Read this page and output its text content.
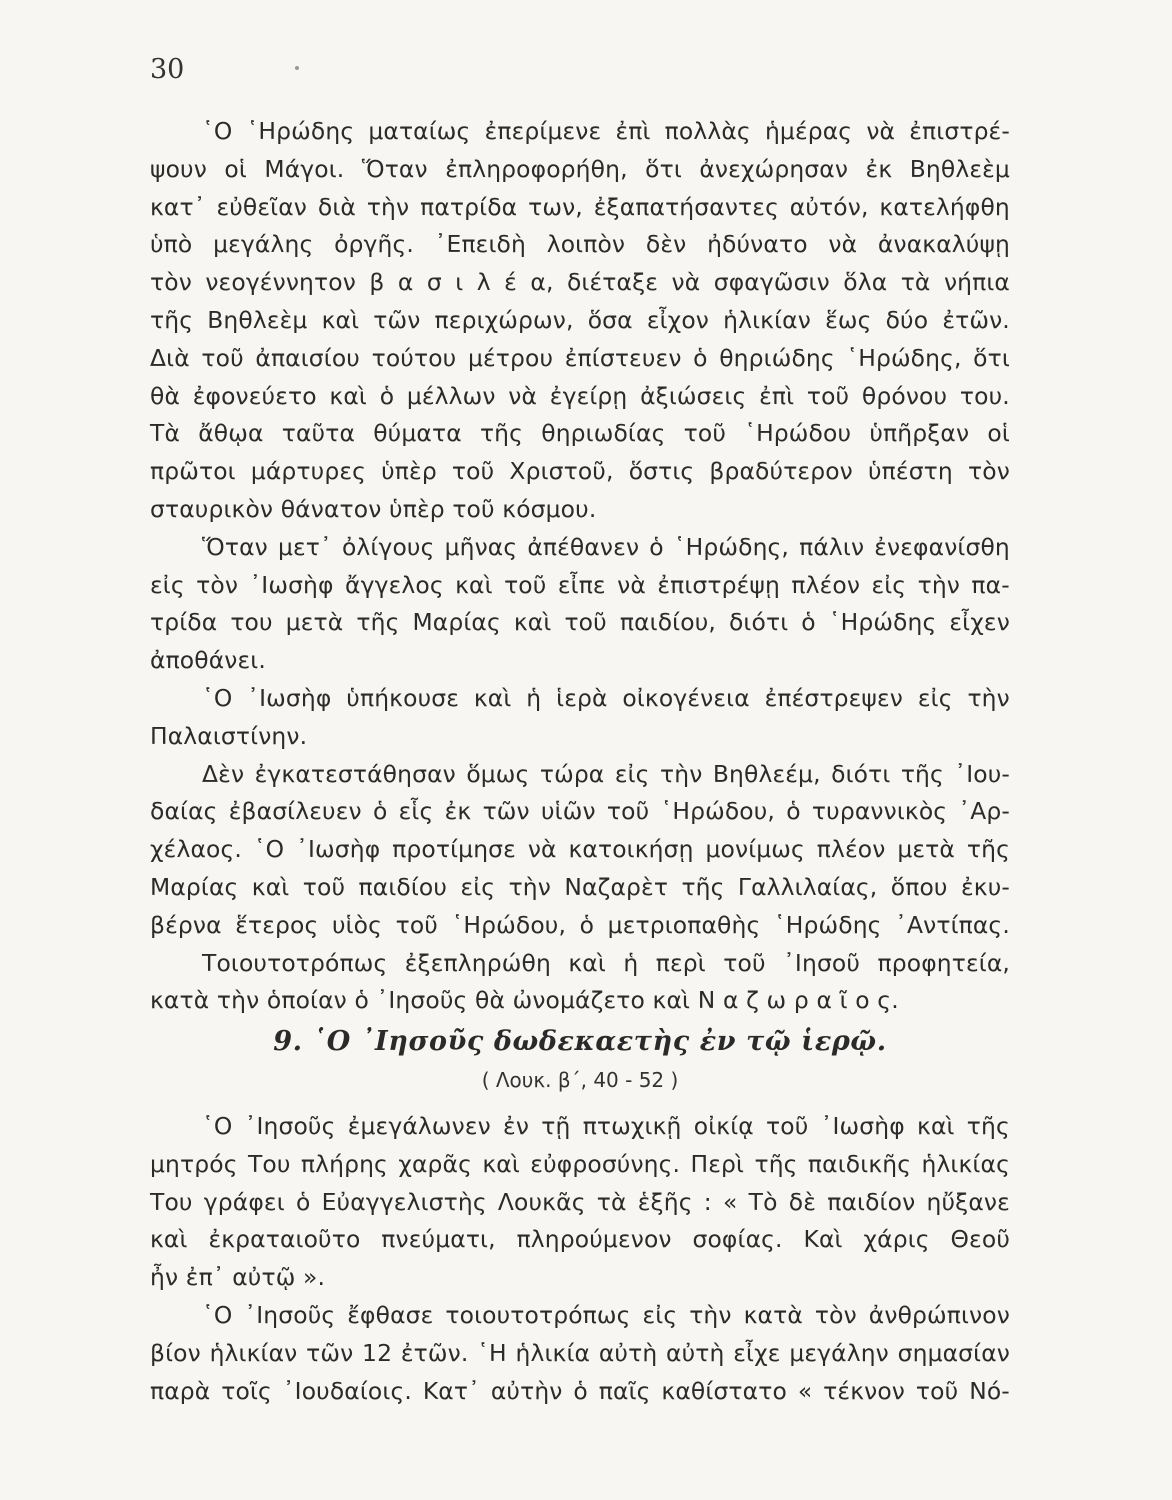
30
῾Ο ῾Ηρώδης ματαίως ἐπερίμενε ἐπὶ πολλὰς ἡμέρας νὰ ἐπιστρέ-
ψουν οἱ Μάγοι. Ὅταν ἐπληροφορήθη, ὅτι ἀνεχώρησαν ἐκ Βηθλεὲμ
κατ᾽ εὐθεῖαν διὰ τὴν πατρίδα των, ἐξαπατήσαντες αὐτόν, κατελήφθη
ὑπὸ μεγάλης ὀργῆς. ᾽Επειδὴ λοιπὸν δὲν ἠδύνατο νὰ ἀνακαλύψῃ
τὸν νεογέννητον β α σ ι λ έ α, διέταξε νὰ σφαγῶσιν ὅλα τὰ νήπια
τῆς Βηθλεὲμ καὶ τῶν περιχώρων, ὅσα εἶχον ἡλικίαν ἕως δύο ἐτῶν.
Διὰ τοῦ ἀπαισίου τούτου μέτρου ἐπίστευεν ὁ θηριώδης ῾Ηρώδης, ὅτι
θὰ ἐφονεύετο καὶ ὁ μέλλων νὰ ἐγείρῃ ἀξιώσεις ἐπὶ τοῦ θρόνου του.
Τὰ ἄθῳα ταῦτα θύματα τῆς θηριωδίας τοῦ ῾Ηρώδου ὑπῆρξαν οἱ
πρῶτοι μάρτυρες ὑπὲρ τοῦ Χριστοῦ, ὅστις βραδύτερον ὑπέστη τὸν
σταυρικὸν θάνατον ὑπὲρ τοῦ κόσμου.
Ὅταν μετ᾽ ὀλίγους μῆνας ἀπέθανεν ὁ ῾Ηρώδης, πάλιν ἐνεφανίσθη
εἰς τὸν ᾽Ιωσὴφ ἄγγελος καὶ τοῦ εἶπε νὰ ἐπιστρέψῃ πλέον εἰς τὴν πα-
τρίδα του μετὰ τῆς Μαρίας καὶ τοῦ παιδίου, διότι ὁ ῾Ηρώδης εἶχεν
ἀποθάνει.
῾Ο ᾽Ιωσὴφ ὑπήκουσε καὶ ἡ ἱερὰ οἰκογένεια ἐπέστρεψεν εἰς τὴν
Παλαιστίνην.
Δὲν ἐγκατεστάθησαν ὅμως τώρα εἰς τὴν Βηθλεέμ, διότι τῆς ᾽Ιου-
δαίας ἐβασίλευεν ὁ εἷς ἐκ τῶν υἱῶν τοῦ ῾Ηρώδου, ὁ τυραννικὸς ᾽Αρ-
χέλαος. ῾Ο ᾽Ιωσὴφ προτίμησε νὰ κατοικήσῃ μονίμως πλέον μετὰ τῆς
Μαρίας καὶ τοῦ παιδίου εἰς τὴν Ναζαρὲτ τῆς Γαλλιλαίας, ὅπου ἐκυ-
βέρνα ἕτερος υἱὸς τοῦ ῾Ηρώδου, ὁ μετριοπαθὴς ῾Ηρώδης ᾽Αντίπας.
Τοιουτοτρόπως ἐξεπληρώθη καὶ ἡ περὶ τοῦ ᾽Ιησοῦ προφητεία,
κατὰ τὴν ὁποίαν ὁ ᾽Ιησοῦς θὰ ὠνομάζετο καὶ Ν α ζ ω ρ α ῖ ο ς.
9. ῾Ο ᾽Ιησοῦς δωδεκαετὴς ἐν τῷ ἱερῷ.
( Λουκ. β΄, 40 - 52 )
῾Ο ᾽Ιησοῦς ἐμεγάλωνεν ἐν τῇ πτωχικῇ οἰκίᾳ τοῦ ᾽Ιωσὴφ καὶ τῆς
μητρός Του πλήρης χαρᾶς καὶ εὐφροσύνης. Περὶ τῆς παιδικῆς ἡλικίας
Του γράφει ὁ Εὐαγγελιστὴς Λουκᾶς τὰ ἑξῆς : « Τὸ δὲ παιδίον ηὔξανε
καὶ ἐκραταιοῦτο πνεύματι, πληρούμενον σοφίας. Καὶ χάρις Θεοῦ
ἦν ἐπ᾽ αὐτῷ ».
῾Ο ᾽Ιησοῦς ἔφθασε τοιουτοτρόπως εἰς τὴν κατὰ τὸν ἀνθρώπινον
βίον ἡλικίαν τῶν 12 ἐτῶν. ῾Η ἡλικία αὐτὴ αὐτὴ εἶχε μεγάλην σημασίαν
παρὰ τοῖς ᾽Ιουδαίοις. Κατ᾽ αὐτὴν ὁ παῖς καθίστατο « τέκνον τοῦ Νό-
